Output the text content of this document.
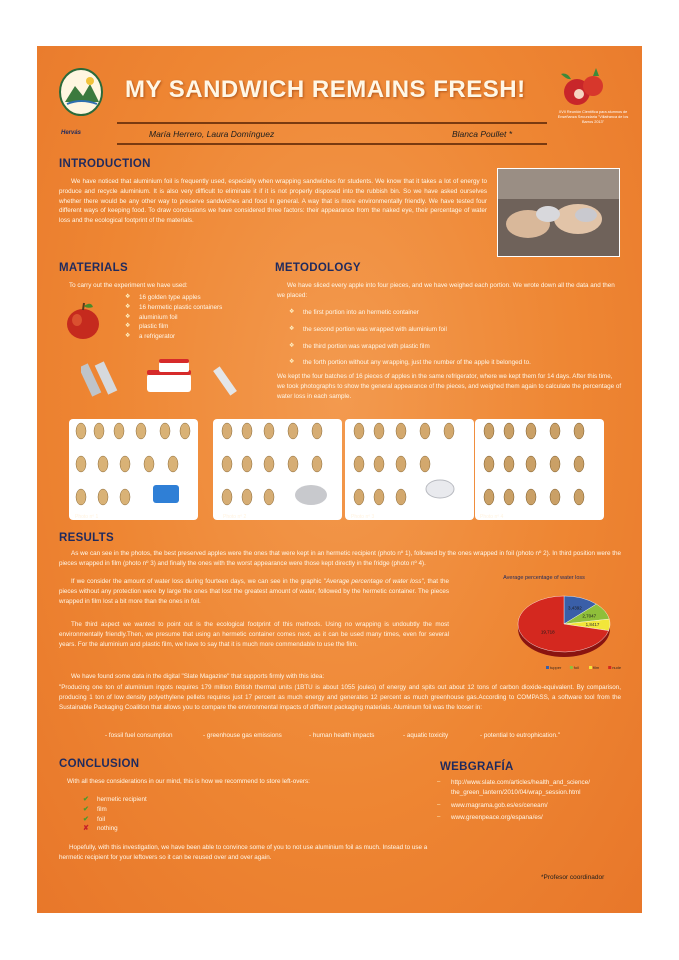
Hervás
MY SANDWICH REMAINS FRESH!
María Herrero, Laura Domínguez	Blanca Poullet *
XVII Reunión Científica para alumnos de Enseñanza Secundaria "Villafranca de los Barros 2013"
INTRODUCTION
We have noticed that aluminium foil is frequently used, especially when wrapping sandwiches for students. We know that it takes a lot of energy to produce and recycle aluminium. It is also very difficult to eliminate it if it is not properly disposed into the rubbish bin. So we have asked ourselves whether there would be any other way to preserve sandwiches and food in general. A way that is more environmentally friendly. We have tested four different ways of keeping food. To draw conclusions we have considered three factors: their appearance from the naked eye, their percentage of water loss and the ecological footprint of the materials.
MATERIALS
To carry out the experiment we have used:
❖ 16 golden type apples
❖ 16 hermetic plastic containers
❖ aluminium foil
❖ plastic film
❖ a refrigerator
METODOLOGY
We have sliced every apple into four pieces, and we have weighed each portion. We wrote down all the data and then we placed:
❖ the first portion into an hermetic container
❖ the second portion was wrapped with aluminium foil
❖ the third portion was wrapped with plastic film
❖ the forth portion without any wrapping, just the number of the apple it belonged to.
We kept the four batches of 16 pieces of apples in the same refrigerator, where we kept them for 14 days. After this time, we took photographs to show the general appearance of the pieces, and weighed them again to calculate the percentage of water loss in each sample.
Photo nº 1	Photo nº 2	Photo nº 3	Photo nº 4
RESULTS
As we can see in the photos, the best preserved apples were the ones that were kept in an hermetic recipient (photo nº 1), followed by the ones wrapped in foil (photo nº 2). In third position were the pieces wrapped in film (photo nº 3) and finally the ones with the worst appearance were those kept directly in the fridge (photo nº 4).
If we consider the amount of water loss during fourteen days, we can see in the graphic "Average percentage of water loss", that the pieces without any protection were by large the ones that lost the greatest amount of water, followed by the hermetic container. The pieces wrapped in film lost a bit more than the ones in foil.
The third aspect we wanted to point out is the ecological footprint of this methods. Using no wrapping is undoubtly the most environmentally friendly.Then, we presume that using an hermetic container comes next, as it can be used many times, even for several years. For the aluminium and plastic film, we have to say that it is much more commendable to use the film.
We have found some data in the digital "Slate Magazine" that supports firmly with this idea:
"Producing one ton of aluminium ingots requires 179 million British thermal units (1BTU is about 1055 joules) of energy and spits out about 12 tons of carbon dioxide-equivalent. By comparison, producing 1 ton of low density polyethylene pellets requires just 17 percent as much energy and generates 12 percent as much greenhouse gas.According to COMPASS, a software tool from the Sustainable Packaging Coalition that allows you to compare the environmental impacts of different packaging materials. Aluminum foil was the looser in:
- fossil fuel consumption	- greenhouse gas emissions	- human health impacts	- aquatic toxicity	- potential to eutrophication."
Average percentage of water loss
3,4392
2,7047
1,8417
19,718
tupper	foil	film	nude
CONCLUSION
With all these considerations in our mind, this is how we recommend to store left-overs:
✔ hermetic recipient
✔ film
✔ foil
✘ nothing
Hopefully, with this investigation, we have been able to convince some of you to not use aluminium foil as much. Instead to use a hermetic recipient for your leftovers so it can be reused over and over again.
WEBGRAFÍA
– http://www.slate.com/articles/health_and_science/ the_green_lantern/2010/04/wrap_session.html
– www.magrama.gob.es/es/ceneam/
– www.greenpeace.org/espana/es/
*Profesor coordinador
